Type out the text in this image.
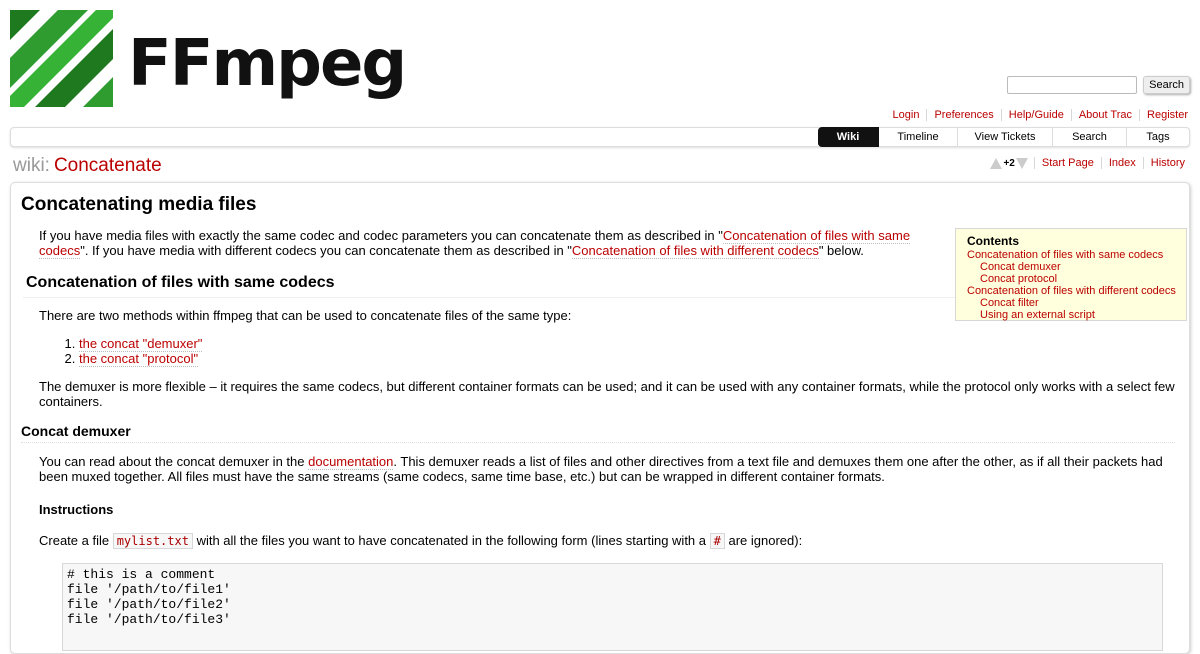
FFmpeg	Search
Login	Preferences	Help/Guide	About Trac	Register
Wiki	Timeline	View Tickets	Search	Tags
wiki: Concatenate	+2	Start Page	Index	History
Concatenating media files

If you have media files with exactly the same codec and codec parameters you can concatenate them as described in "Concatenation of files with same codecs". If you have media with different codecs you can concatenate them as described in "Concatenation of files with different codecs" below.

Concatenation of files with same codecs

There are two methods within ffmpeg that can be used to concatenate files of the same type:

1. the concat "demuxer"
2. the concat "protocol"

The demuxer is more flexible – it requires the same codecs, but different container formats can be used; and it can be used with any container formats, while the protocol only works with a select few containers.

Concat demuxer

You can read about the concat demuxer in the documentation. This demuxer reads a list of files and other directives from a text file and demuxes them one after the other, as if all their packets had been muxed together. All files must have the same streams (same codecs, same time base, etc.) but can be wrapped in different container formats.

Instructions

Create a file mylist.txt with all the files you want to have concatenated in the following form (lines starting with a # are ignored):

# this is a comment
file '/path/to/file1'
file '/path/to/file2'
file '/path/to/file3'
Contents
Concatenation of files with same codecs
Concat demuxer
Concat protocol
Concatenation of files with different codecs
Concat filter
Using an external script
